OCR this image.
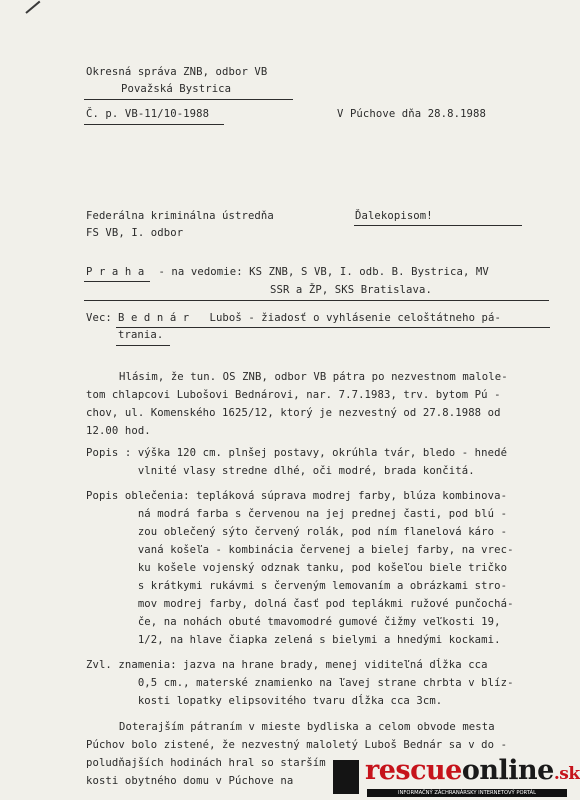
Okresná správa ZNB, odbor VB
Považská Bystrica
Č. p. VB-11/10-1988	V Púchove dňa 28.8.1988
Federálna kriminálna ústredňa	Ďalekopisom!
FS VB, I. odbor
P r a h a - na vedomie: KS ZNB, S VB, I. odb. B. Bystrica, MV
SSR a ŽP, SKS Bratislava.
Vec: B e d n á r Luboš - žiadosť o vyhlásenie celoštátneho pá-
trania.
Hlásim, že tun. OS ZNB, odbor VB pátra po nezvestnom malole-
tom chlapcovi Lubošovi Bednárovi, nar. 7.7.1983, trv. bytom Pú -
chov, ul. Komenského 1625/12, ktorý je nezvestný od 27.8.1988 od
12.00 hod.
Popis : výška 120 cm. plnšej postavy, okrúhla tvár, bledo - hnedé
vlnité vlasy stredne dlhé, oči modré, brada končitá.
Popis oblečenia: tepláková súprava modrej farby, blúza kombinova-
ná modrá farba s červenou na jej prednej časti, pod blú -
zou oblečený sýto červený rolák, pod ním flanelová káro -
vaná košeľa - kombinácia červenej a bielej farby, na vrec-
ku košele vojenský odznak tanku, pod košeľou biele tričko
s krátkymi rukávmi s červeným lemovaním a obrázkami stro-
mov modrej farby, dolná časť pod teplákmi ružové punčochá-
če, na nohách obuté tmavomodré gumové čižmy veľkosti 19,
1/2, na hlave čiapka zelená s bielymi a hnedými kockami.
Zvl. znamenia: jazva na hrane brady, menej viditeľná dĺžka cca
0,5 cm., materské znamienko na ľavej strane chrbta v blíz-
kosti lopatky elipsovitého tvaru dĺžka cca 3cm.
Doterajším pátraním v mieste bydliska a celom obvode mesta
Púchov bolo zistené, že nezvestný maloletý Luboš Bednár sa v do -
poludňajších hodinách hral so starším
kosti obytného domu v Púchove na	rescueonline.sk
INFORMAČNÝ ZÁCHRANÁRSKY INTERNETOVÝ PORTÁL
